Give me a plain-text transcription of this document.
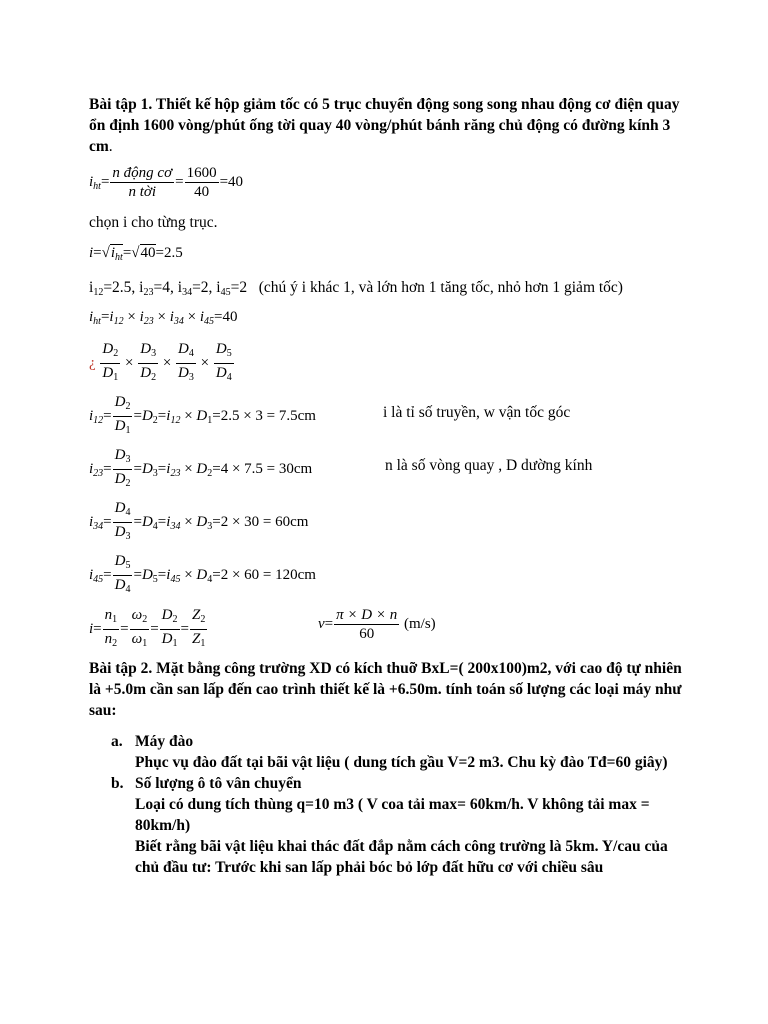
Bài tập 1. Thiết kế hộp giảm tốc có 5 trục chuyển động song song nhau động cơ điện quay ổn định 1600 vòng/phút ống tời quay 40 vòng/phút bánh răng chủ động có đường kính 3 cm.
$i_{ht}= \frac{\text{n động cơ}}{\text{n tời}} = \frac{1600}{40} =40$
chọn i cho từng trục.
$i=√i_{ht}=√40=2.5$
i12=2.5, i23=4, i34=2, i45=2 (chú ý i khác 1, và lớn hơn 1 tăng tốc, nhỏ hơn 1 giảm tốc)
$i_{ht}=i_{12} \times i_{23} \times i_{34} \times i_{45}=40$
¿ $\frac{D_2}{D_1} \times \frac{D_3}{D_2} \times \frac{D_4}{D_3} \times \frac{D_5}{D_4}$
$i_{12}= \frac{D_2}{D_1} =D_2=i_{12} \times D_1=2.5 \times 3 = 7.5cm$	i là tỉ số truyền, w vận tốc góc
$i_{23}= \frac{D_3}{D_2} =D_3=i_{23} \times D_2=4 \times 7.5 = 30cm$	n là số vòng quay , D dường kính
$i_{34}= \frac{D_4}{D_3} =D_4=i_{34} \times D_3=2 \times 30 = 60cm$
$i_{45}= \frac{D_5}{D_4} =D_5=i_{45} \times D_4=2 \times 60 = 120cm$
$i= \frac{n_1}{n_2} = \frac{\omega_2}{\omega_1} = \frac{D_2}{D_1} = \frac{Z_2}{Z_1}$	$v= \frac{\pi \times D \times n}{60} (m/s)$
Bài tập 2. Mặt bằng công trường XD có kích thuỡ BxL=( 200x100)m2, với cao độ tự nhiên là +5.0m cần san lấp đến cao trình thiết kế là +6.50m. tính toán số lượng các loại máy như sau:
a. Máy đào
Phục vụ đào đất tại bãi vật liệu ( dung tích gầu V=2 m3. Chu kỳ đào Tđ=60 giây)
b. Số lượng ô tô vân chuyển
Loại có dung tích thùng q=10 m3 ( V coa tải max= 60km/h. V không tải max = 80km/h)
Biết rằng bãi vật liệu khai thác đất đắp nằm cách công trường là 5km. Y/cau của chủ đầu tư: Trước khi san lấp phải bóc bỏ lớp đất hữu cơ với chiều sâu
